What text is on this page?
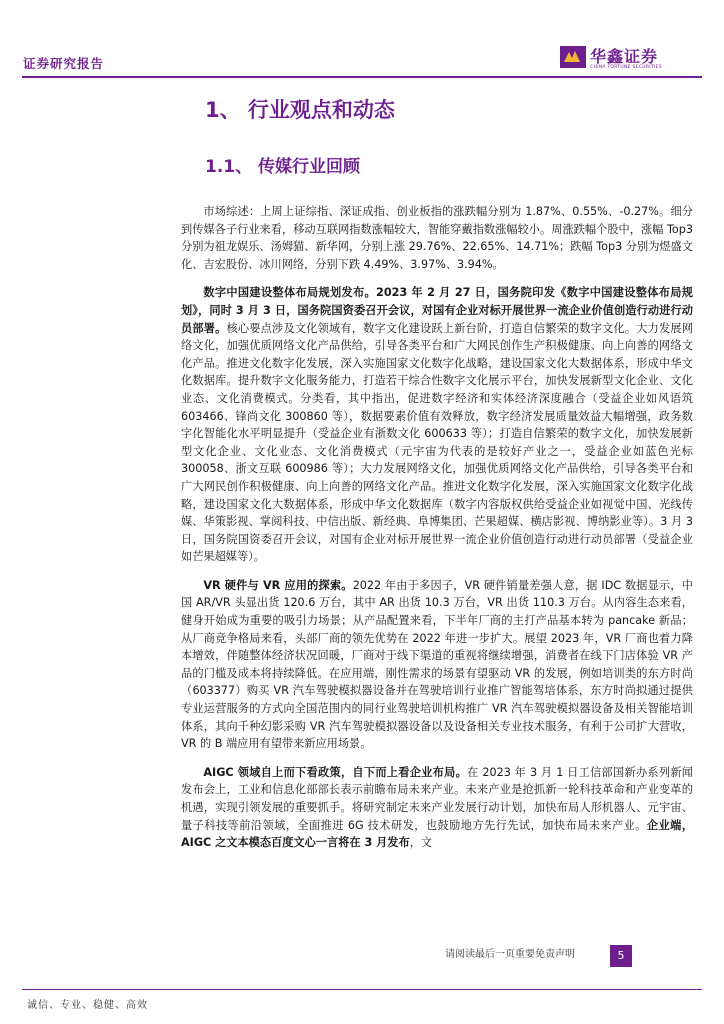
证券研究报告	华鑫证券
CHINA FORTUNE SECURITIES
1、 行业观点和动态
1.1、 传媒行业回顾

市场综述：上周上证综指、深证成指、创业板指的涨跌幅分别为 1.87%、0.55%、-0.27%。细分到传媒各子行业来看，移动互联网指数涨幅较大，智能穿戴指数涨幅较小。周涨跌幅个股中，涨幅 Top3 分别为祖龙娱乐、汤姆猫、新华网，分别上涨 29.76%、22.65%、14.71%；跌幅 Top3 分别为煜盛文化、吉宏股份、冰川网络，分别下跌 4.49%、3.97%、3.94%。

数字中国建设整体布局规划发布。2023 年 2 月 27 日，国务院印发《数字中国建设整体布局规划》，同时 3 月 3 日，国务院国资委召开会议，对国有企业对标开展世界一流企业价值创造行动进行动员部署。核心要点涉及文化领域有，数字文化建设跃上新台阶，打造自信繁荣的数字文化。大力发展网络文化，加强优质网络文化产品供给，引导各类平台和广大网民创作生产积极健康、向上向善的网络文化产品。推进文化数字化发展，深入实施国家文化数字化战略，建设国家文化大数据体系，形成中华文化数据库。提升数字文化服务能力，打造若干综合性数字文化展示平台，加快发展新型文化企业、文化业态、文化消费模式。分类看，其中指出，促进数字经济和实体经济深度融合（受益企业如风语筑 603466、锋尚文化 300860 等），数据要素价值有效释放，数字经济发展质量效益大幅增强，政务数字化智能化水平明显提升（受益企业有浙数文化 600633 等）；打造自信繁荣的数字文化，加快发展新型文化企业、文化业态、文化消费模式（元宇宙为代表的是较好产业之一，受益企业如蓝色光标 300058、浙文互联 600986 等）；大力发展网络文化，加强优质网络文化产品供给，引导各类平台和广大网民创作积极健康、向上向善的网络文化产品。推进文化数字化发展，深入实施国家文化数字化战略，建设国家文化大数据体系，形成中华文化数据库（数字内容版权供给受益企业如视觉中国、光线传媒、华策影视、掌阅科技、中信出版、新经典、阜博集团、芒果超媒、横店影视、博纳影业等）。3 月 3 日，国务院国资委召开会议，对国有企业对标开展世界一流企业价值创造行动进行动员部署（受益企业如芒果超媒等）。

VR 硬件与 VR 应用的探索。2022 年由于多因子，VR 硬件销量差强人意，据 IDC 数据显示，中国 AR/VR 头显出货 120.6 万台，其中 AR 出货 10.3 万台，VR 出货 110.3 万台。从内容生态来看，健身开始成为重要的吸引力场景；从产品配置来看，下半年厂商的主打产品基本转为 pancake 新品；从厂商竞争格局来看，头部厂商的领先优势在 2022 年进一步扩大。展望 2023 年，VR 厂商也着力降本增效，伴随整体经济状况回暖，厂商对于线下渠道的重视将继续增强，消费者在线下门店体验 VR 产品的门槛及成本将持续降低。在应用端，刚性需求的场景有望驱动 VR 的发展，例如培训类的东方时尚（603377）购买 VR 汽车驾驶模拟器设备并在驾驶培训行业推广智能驾培体系，东方时尚拟通过提供专业运营服务的方式向全国范围内的同行业驾驶培训机构推广 VR 汽车驾驶模拟器设备及相关智能培训体系，其向千种幻影采购 VR 汽车驾驶模拟器设备以及设备相关专业技术服务，有利于公司扩大营收，VR 的 B 端应用有望带来新应用场景。

AIGC 领域自上而下看政策，自下而上看企业布局。在 2023 年 3 月 1 日工信部国新办系列新闻发布会上，工业和信息化部部长表示前瞻布局未来产业。未来产业是抢抓新一轮科技革命和产业变革的机遇，实现引领发展的重要抓手。将研究制定未来产业发展行动计划，加快布局人形机器人、元宇宙、量子科技等前沿领域，全面推进 6G 技术研发，也鼓励地方先行先试，加快布局未来产业。企业端，AIGC 之文本模态百度文心一言将在 3 月发布，文

请阅读最后一页重要免责声明	5
诚信、专业、稳健、高效
